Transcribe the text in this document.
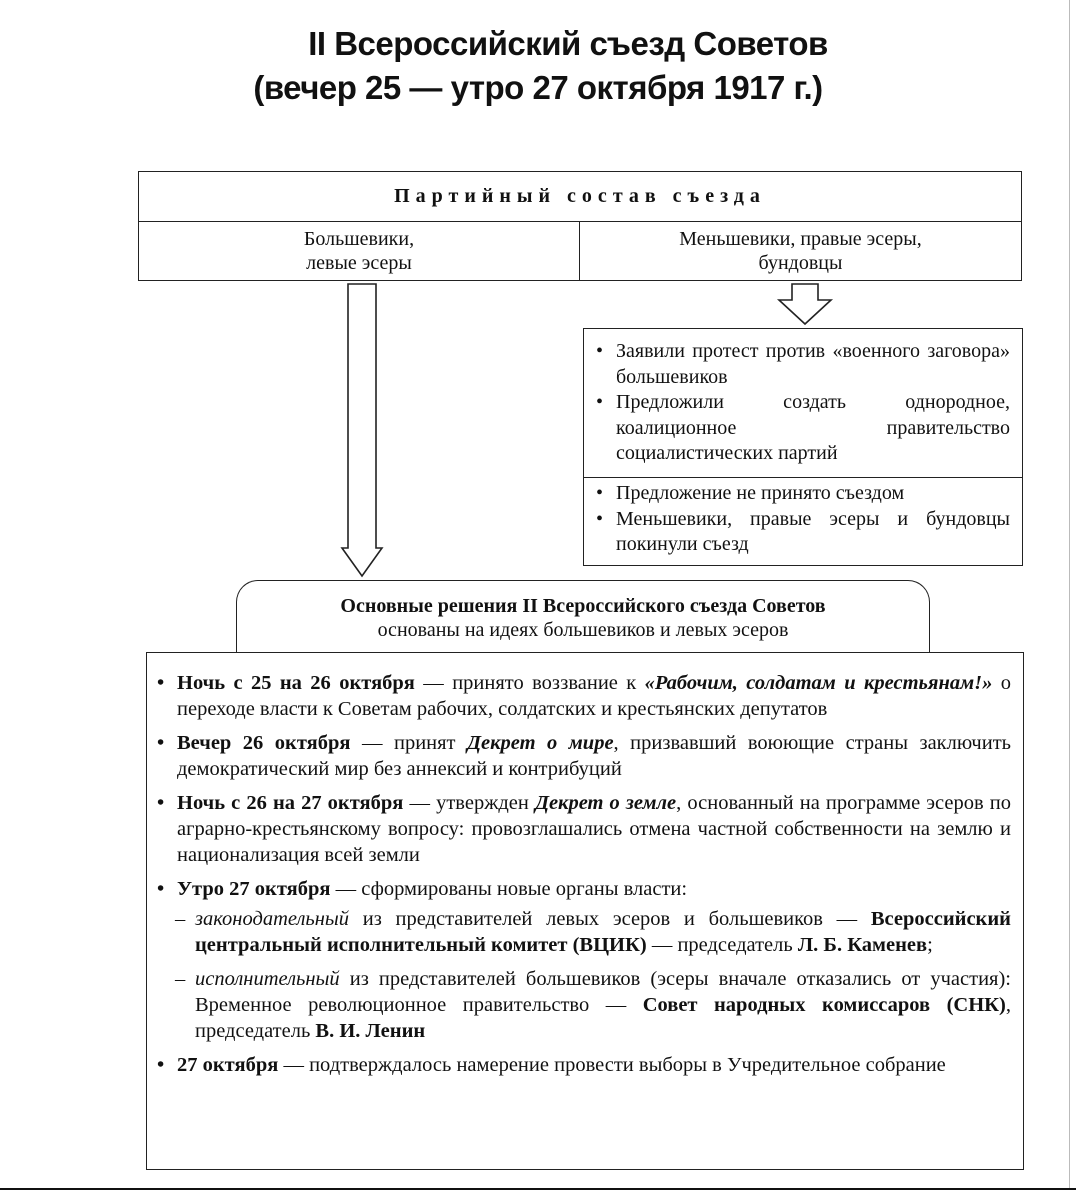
II Всероссийский съезд Советов
(вечер 25 — утро 27 октября 1917 г.)
Партийный состав съезда
Большевики,
левые эсеры
Меньшевики, правые эсеры,
бундовцы
• Заявили протест против «военного заговора» большевиков
• Предложили создать однородное, коалиционное правительство социалистических партий
• Предложение не принято съездом
• Меньшевики, правые эсеры и бундовцы покинули съезд
Основные решения II Всероссийского съезда Советов
основаны на идеях большевиков и левых эсеров
• Ночь с 25 на 26 октября — принято воззвание к «Рабочим, солдатам и крестьянам!» о переходе власти к Советам рабочих, солдатских и крестьянских депутатов
• Вечер 26 октября — принят Декрет о мире, призвавший воюющие страны заключить демократический мир без аннексий и контрибуций
• Ночь с 26 на 27 октября — утвержден Декрет о земле, основанный на программе эсеров по аграрно-крестьянскому вопросу: провозглашались отмена частной собственности на землю и национализация всей земли
• Утро 27 октября — сформированы новые органы власти:
– законодательный из представителей левых эсеров и большевиков — Всероссийский центральный исполнительный комитет (ВЦИК) — председатель Л. Б. Каменев;
– исполнительный из представителей большевиков (эсеры вначале отказались от участия): Временное революционное правительство — Совет народных комиссаров (СНК), председатель В. И. Ленин
• 27 октября — подтверждалось намерение провести выборы в Учредительное собрание
